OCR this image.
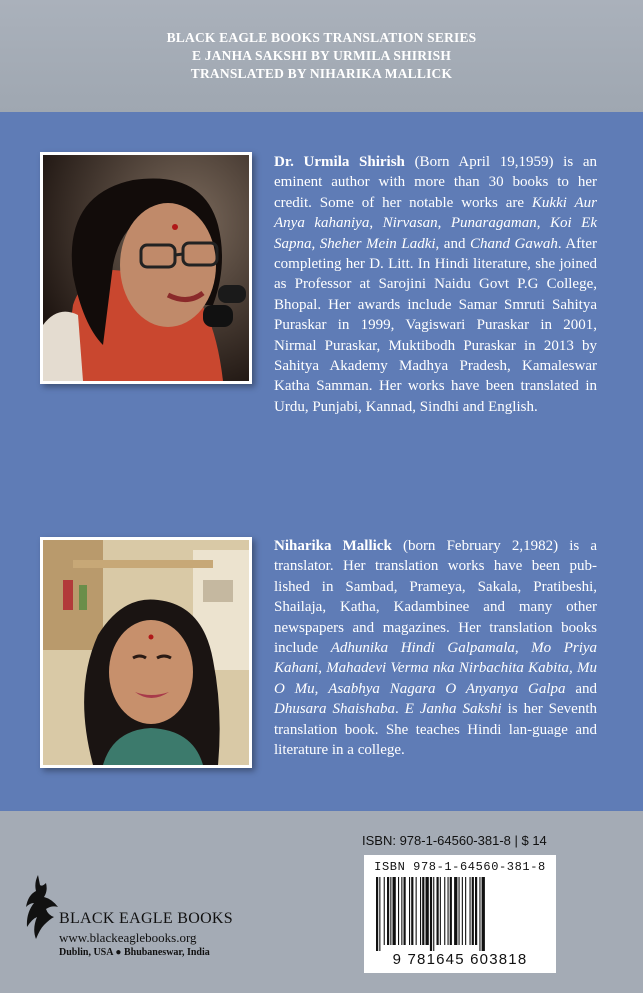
BLACK EAGLE BOOKS TRANSLATION SERIES
E JANHA SAKSHI BY URMILA SHIRISH
TRANSLATED BY NIHARIKA MALLICK
Dr. Urmila Shirish (Born April 19,1959) is an eminent author with more than 30 books to her credit. Some of her notable works are Kukki Aur Anya kahaniya, Nirvasan, Punaragaman, Koi Ek Sapna, Sheher Mein Ladki, and Chand Gawah. After completing her D. Litt. In Hindi literature, she joined as Professor at Sarojini Naidu Govt P.G College, Bhopal. Her awards include Samar Smruti Sahitya Puraskar in 1999, Vagiswari Puraskar in 2001, Nirmal Puraskar, Muktibodh Puraskar in 2013 by Sahitya Akademy Madhya Pradesh, Kamaleswar Katha Samman. Her works have been translated in Urdu, Punjabi, Kannad, Sindhi and English.
Niharika Mallick (born February 2,1982) is a translator. Her translation works have been pub-lished in Sambad, Prameya, Sakala, Pratibeshi, Shailaja, Katha, Kadambinee and many other newspapers and magazines. Her translation books include Adhunika Hindi Galpamala, Mo Priya Kahani, Mahadevi Verma nka Nirbachita Kabita, Mu O Mu, Asabhya Nagara O Anyanya Galpa and Dhusara Shaishaba. E Janha Sakshi is her Seventh translation book. She teaches Hindi lan-guage and literature in a college.
BLACK EAGLE BOOKS
www.blackeaglebooks.org
Dublin, USA ● Bhubaneswar, India
ISBN: 978-1-64560-381-8 | $ 14
ISBN 978-1-64560-381-8
9 781645 603818
